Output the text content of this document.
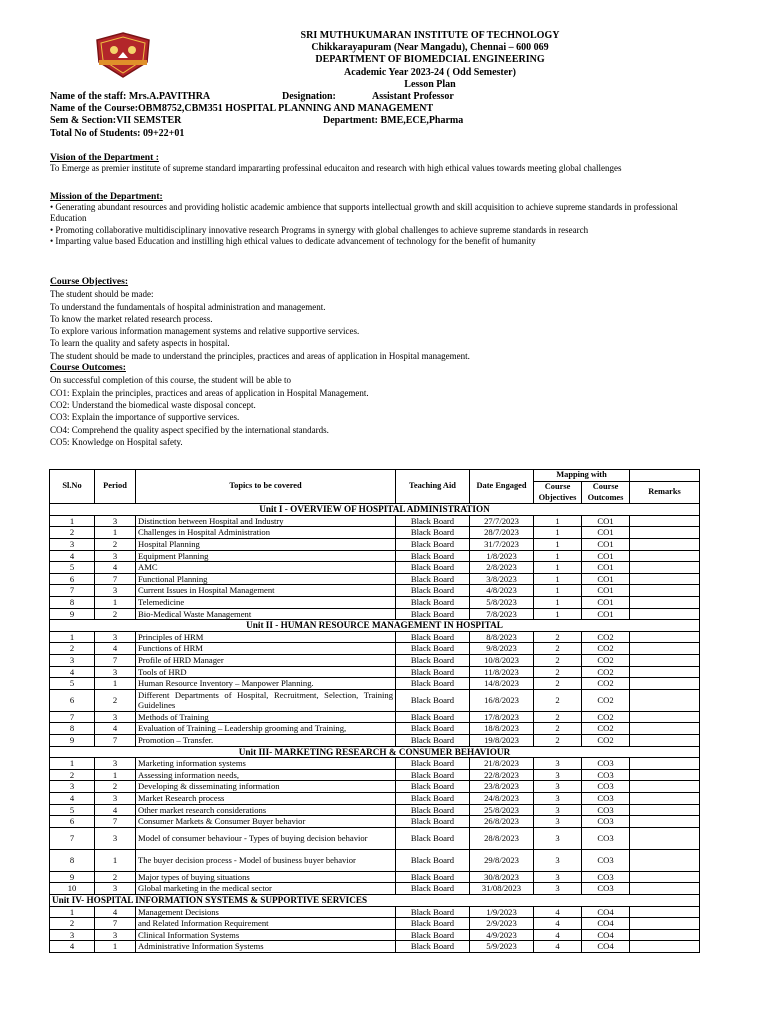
SRI MUTHUKUMARAN INSTITUTE OF TECHNOLOGY
Chikkarayapuram (Near Mangadu), Chennai – 600 069
DEPARTMENT OF BIOMEDCIAL ENGINEERING
Academic Year 2023-24 ( Odd Semester)
Lesson Plan
Name of the staff: Mrs.A.PAVITHRA	Designation:	Assistant Professor
Name of the Course:OBM8752,CBM351 HOSPITAL PLANNING AND MANAGEMENT
Sem & Section:VII SEMSTER	Department: BME,ECE,Pharma
Total No of Students: 09+22+01
Vision of the Department :
To Emerge as premier institute of supreme standard impararting professinal educaiton and research with high ethical values towards meeting global challenges
Mission of the Department:
• Generating abundant resources and providing holistic academic ambience that supports intellectual growth and skill acquisition to achieve supreme standards in professional Education
• Promoting collaborative multidisciplinary innovative research Programs in synergy with global challenges to achieve supreme standards in research
• Imparting value based Education and instilling high ethical values to dedicate advancement of technology for the benefit of humanity
Course Objectives:
The student should be made:
To understand the fundamentals of hospital administration and management.
To know the market related research process.
To explore various information management systems and relative supportive services.
To learn the quality and safety aspects in hospital.
The student should be made to understand the principles, practices and areas of application in Hospital management.
Course Outcomes:
On successful completion of this course, the student will be able to
CO1: Explain the principles, practices and areas of application in Hospital Management.
CO2: Understand the biomedical waste disposal concept.
CO3: Explain the importance of supportive services.
CO4: Comprehend the quality aspect specified by the international standards.
CO5: Knowledge on Hospital safety.
Sl.No	Period	Topics to be covered	Teaching Aid	Date Engaged	Mapping with		
					Course Objectives	Course Outcomes	Remarks
Unit I - OVERVIEW OF HOSPITAL ADMINISTRATION							
1	3	Distinction between Hospital and Industry	Black Board	27/7/2023	1	CO1	
2	1	Challenges in Hospital Administration	Black Board	28/7/2023	1	CO1	
3	2	Hospital Planning	Black Board	31/7/2023	1	CO1	
4	3	Equipment Planning	Black Board	1/8/2023	1	CO1	
5	4	AMC	Black Board	2/8/2023	1	CO1	
6	7	Functional Planning	Black Board	3/8/2023	1	CO1	
7	3	Current Issues in Hospital Management	Black Board	4/8/2023	1	CO1	
8	1	Telemedicine	Black Board	5/8/2023	1	CO1	
9	2	Bio-Medical Waste Management	Black Board	7/8/2023	1	CO1	
Unit II - HUMAN RESOURCE MANAGEMENT IN HOSPITAL							
1	3	Principles of HRM	Black Board	8/8/2023	2	CO2	
2	4	Functions of HRM	Black Board	9/8/2023	2	CO2	
3	7	Profile of HRD Manager	Black Board	10/8/2023	2	CO2	
4	3	Tools of HRD	Black Board	11/8/2023	2	CO2	
5	1	Human Resource Inventory – Manpower Planning.	Black Board	14/8/2023	2	CO2	
6	2	Different Departments of Hospital, Recruitment, Selection, Training Guidelines	Black Board	16/8/2023	2	CO2	
7	3	Methods of Training	Black Board	17/8/2023	2	CO2	
8	4	Evaluation of Training – Leadership grooming and Training,	Black Board	18/8/2023	2	CO2	
9	7	Promotion – Transfer.	Black Board	19/8/2023	2	CO2	
Unit III- MARKETING RESEARCH & CONSUMER BEHAVIOUR							
1	3	Marketing information systems	Black Board	21/8/2023	3	CO3	
2	1	Assessing information needs,	Black Board	22/8/2023	3	CO3	
3	2	Developing & disseminating information	Black Board	23/8/2023	3	CO3	
4	3	Market Research process	Black Board	24/8/2023	3	CO3	
5	4	Other market research considerations	Black Board	25/8/2023	3	CO3	
6	7	Consumer Markets & Consumer Buyer behavior	Black Board	26/8/2023	3	CO3	
7	3	Model of consumer behaviour - Types of buying decision behavior	Black Board	28/8/2023	3	CO3	
8	1	The buyer decision process - Model of business buyer behavior	Black Board	29/8/2023	3	CO3	
9	2	Major types of buying situations	Black Board	30/8/2023	3	CO3	
10	3	Global marketing in the medical sector	Black Board	31/08/2023	3	CO3	
Unit IV- HOSPITAL INFORMATION SYSTEMS & SUPPORTIVE SERVICES							
1	4	Management Decisions	Black Board	1/9/2023	4	CO4	
2	7	and Related Information Requirement	Black Board	2/9/2023	4	CO4	
3	3	Clinical Information Systems	Black Board	4/9/2023	4	CO4	
4	1	Administrative Information Systems	Black Board	5/9/2023	4	CO4	
